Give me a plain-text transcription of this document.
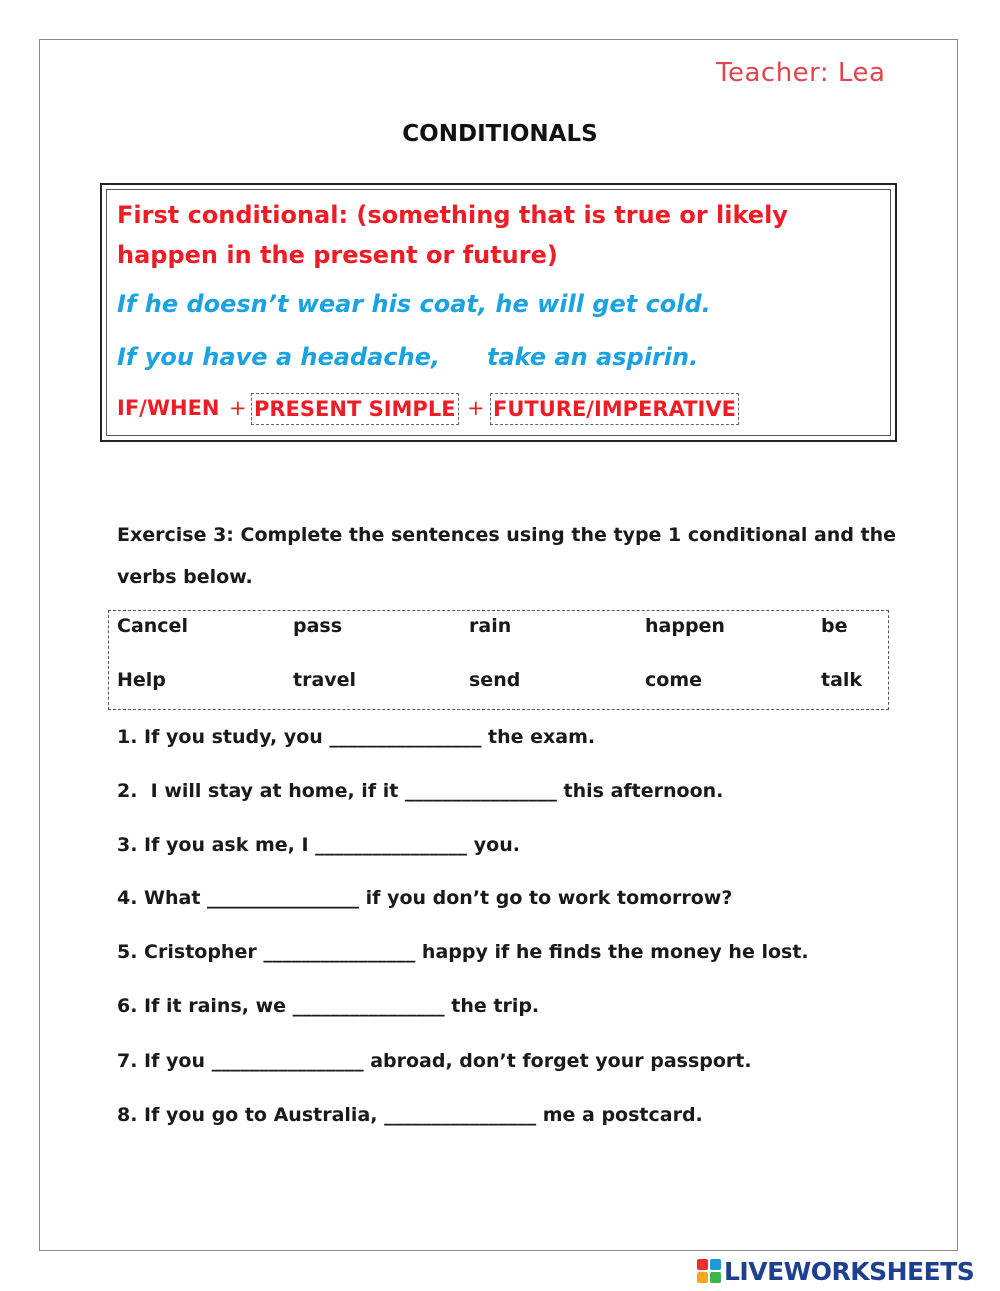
Teacher: Lea
CONDITIONALS
First conditional: (something that is true or likely happen in the present or future)
If he doesn’t wear his coat, he will get cold.
If you have a headache, take an aspirin.
IF/WHEN + PRESENT SIMPLE + FUTURE/IMPERATIVE
Exercise 3: Complete the sentences using the type 1 conditional and the verbs below.
Cancel	pass	rain	happen	be
Help	travel	send	come	talk
1. If you study, you ________________ the exam.
2.  I will stay at home, if it ________________ this afternoon.
3. If you ask me, I ________________ you.
4. What ________________ if you don’t go to work tomorrow?
5. Cristopher ________________ happy if he finds the money he lost.
6. If it rains, we ________________ the trip.
7. If you ________________ abroad, don’t forget your passport.
8. If you go to Australia, ________________ me a postcard.
LIVEWORKSHEETS
